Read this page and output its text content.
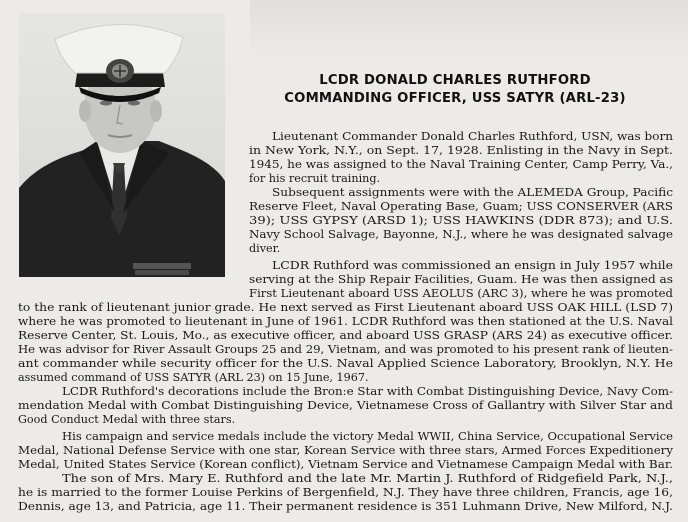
LCDR DONALD CHARLES RUTHFORD
COMMANDING OFFICER, USS SATYR (ARL-23)
Lieutenant Commander Donald Charles Ruthford, USN, was born
in New York, N.Y., on Sept. 17, 1928. Enlisting in the Navy in Sept.
1945, he was assigned to the Naval Training Center, Camp Perry, Va.,
for his recruit training.
Subsequent assignments were with the ALEMEDA Group, Pacific
Reserve Fleet, Naval Operating Base, Guam; USS CONSERVER (ARS
39); USS GYPSY (ARSD 1); USS HAWKINS (DDR 873); and U.S.
Navy School Salvage, Bayonne, N.J., where he was designated salvage
diver.
LCDR Ruthford was commissioned an ensign in July 1957 while
serving at the Ship Repair Facilities, Guam. He was then assigned as
First Lieutenant aboard USS AEOLUS (ARC 3), where he was promoted
to the rank of lieutenant junior grade. He next served as First Lieutenant aboard USS OAK HILL (LSD 7)
where he was promoted to lieutenant in June of 1961. LCDR Ruthford was then stationed at the U.S. Naval
Reserve Center, St. Louis, Mo., as executive officer, and aboard USS GRASP (ARS 24) as executive officer.
He was advisor for River Assault Groups 25 and 29, Vietnam, and was promoted to his present rank of lieuten-
ant commander while security officer for the U.S. Naval Applied Science Laboratory, Brooklyn, N.Y. He
assumed command of USS SATYR (ARL 23) on 15 June, 1967.
LCDR Ruthford's decorations include the Bron:e Star with Combat Distinguishing Device, Navy Com-
mendation Medal with Combat Distinguishing Device, Vietnamese Cross of Gallantry with Silver Star and
Good Conduct Medal with three stars.
His campaign and service medals include the victory Medal WWII, China Service, Occupational Service
Medal, National Defense Service with one star, Korean Service with three stars, Armed Forces Expeditionery
Medal, United States Service (Korean conflict), Vietnam Service and Vietnamese Campaign Medal with Bar.
The son of Mrs. Mary E. Ruthford and the late Mr. Martin J. Ruthford of Ridgefield Park, N.J.,
he is married to the former Louise Perkins of Bergenfield, N.J. They have three children, Francis, age 16,
Dennis, age 13, and Patricia, age 11. Their permanent residence is 351 Luhmann Drive, New Milford, N.J.
